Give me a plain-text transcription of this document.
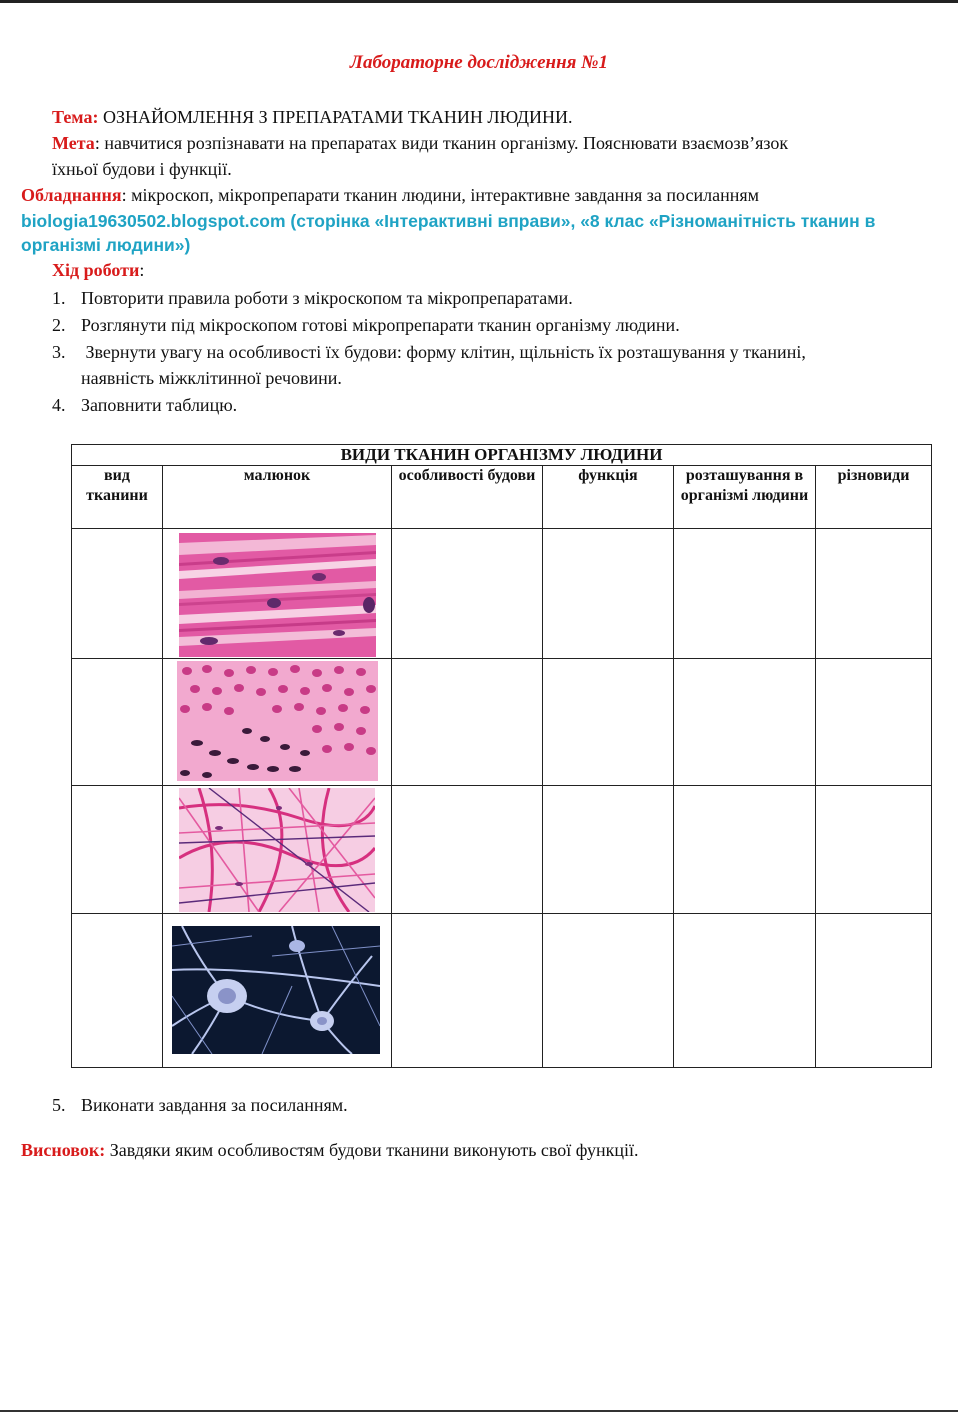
Лабораторне дослідження №1
Тема: ОЗНАЙОМЛЕННЯ З ПРЕПАРАТАМИ ТКАНИН ЛЮДИНИ.
Мета: навчитися розпізнавати на препаратах види тканин організму. Пояснювати взаємозв’язок
їхньої будови і функції.
Обладнання: мікроскоп, мікропрепарати тканин людини, інтерактивне завдання за посиланням
biologia19630502.blogspot.com (сторінка «Інтерактивні вправи», «8 клас «Різноманітність тканин в
організмі людини»)
Хід роботи:
1. Повторити правила роботи з мікроскопом та мікропрепаратами.
2. Розглянути під мікроскопом готові мікропрепарати тканин організму людини.
3. Звернути увагу на особливості їх будови: форму клітин, щільність їх розташування у тканині,
наявність міжклітинної речовини.
4. Заповнити таблицю.
ВИДИ ТКАНИН ОРГАНІЗМУ ЛЮДИНИ					
вид тканини	малюнок	особливості будови	функція	розташування в організмі людини	різновиди

5. Виконати завдання за посиланням.
Висновок: Завдяки яким особливостям будови тканини виконують свої функції.
